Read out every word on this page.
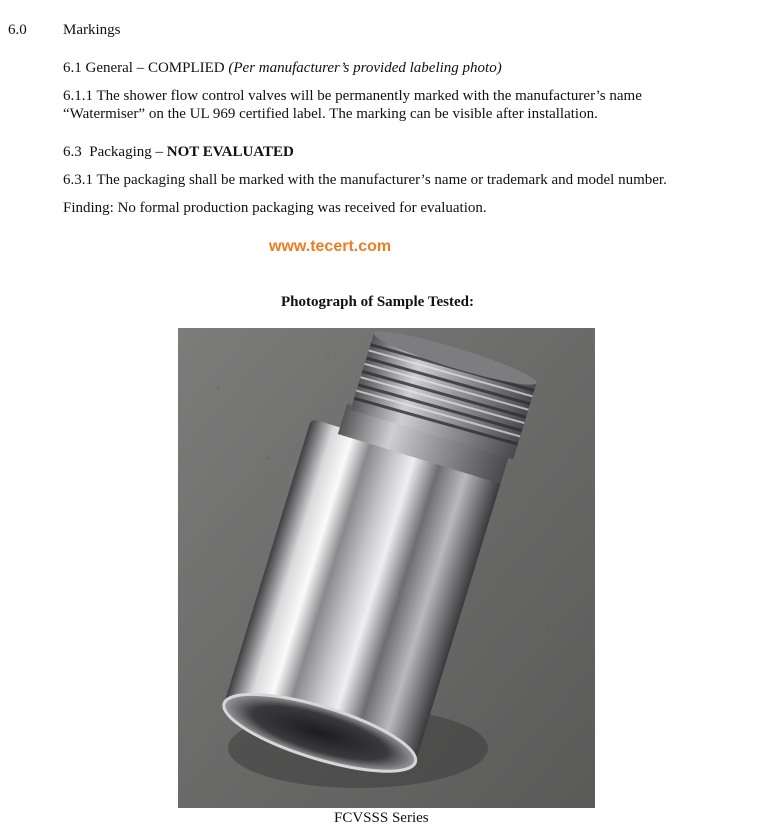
6.0 Markings
6.1 General – COMPLIED (Per manufacturer’s provided labeling photo)
6.1.1 The shower flow control valves will be permanently marked with the manufacturer’s name
“Watermiser” on the UL 969 certified label. The marking can be visible after installation.
6.3  Packaging – NOT EVALUATED
6.3.1 The packaging shall be marked with the manufacturer’s name or trademark and model number.
Finding: No formal production packaging was received for evaluation.
www.tecert.com
Photograph of Sample Tested:
FCVSSS Series
